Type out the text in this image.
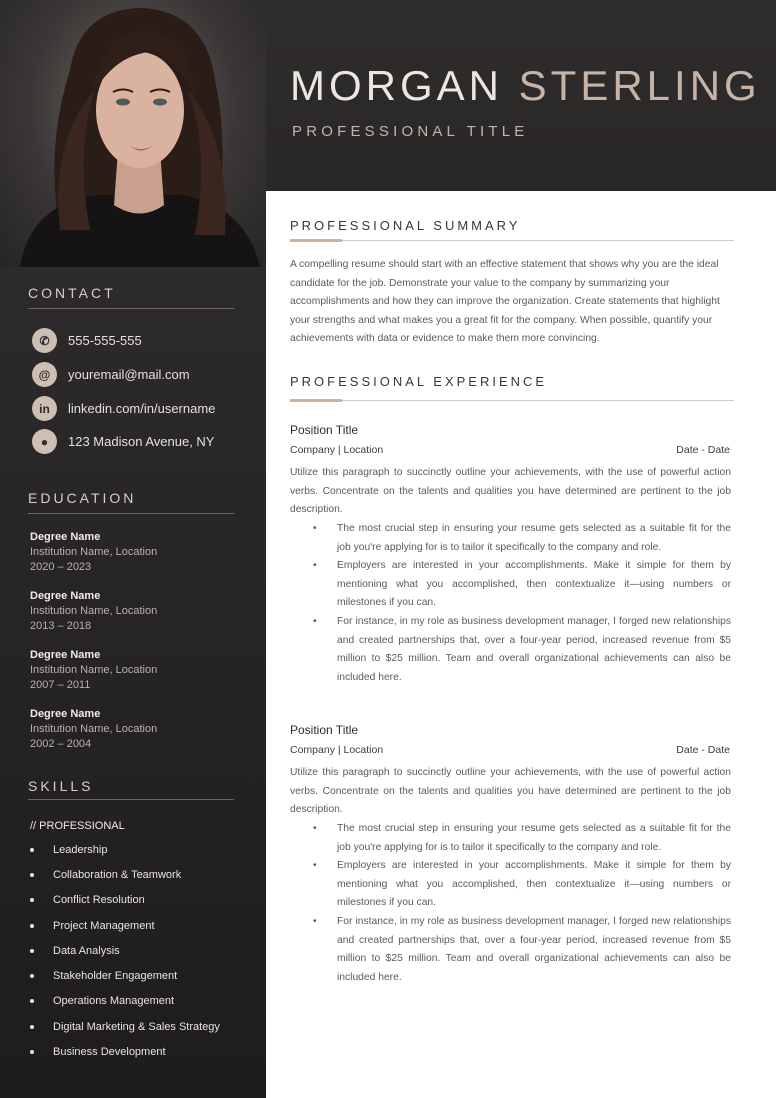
MORGAN STERLING
PROFESSIONAL TITLE
CONTACT
✆	555-555-555
@	youremail@mail.com
in	linkedin.com/in/username
●	123 Madison Avenue, NY
EDUCATION
Degree Name
Institution Name, Location
2020 – 2023
Degree Name
Institution Name, Location
2013 – 2018
Degree Name
Institution Name, Location
2007 – 2011
Degree Name
Institution Name, Location
2002 – 2004
SKILLS
// PROFESSIONAL
Leadership
Collaboration & Teamwork
Conflict Resolution
Project Management
Data Analysis
Stakeholder Engagement
Operations Management
Digital Marketing & Sales Strategy
Business Development
PROFESSIONAL SUMMARY
A compelling resume should start with an effective statement that shows why you are the ideal candidate for the job. Demonstrate your value to the company by summarizing your accomplishments and how they can improve the organization. Create statements that highlight your strengths and what makes you a great fit for the company. When possible, quantify your achievements with data or evidence to make them more convincing.
PROFESSIONAL EXPERIENCE
Position Title
Company | Location	Date - Date
Utilize this paragraph to succinctly outline your achievements, with the use of powerful action verbs. Concentrate on the talents and qualities you have determined are pertinent to the job description.
•	The most crucial step in ensuring your resume gets selected as a suitable fit for the job you're applying for is to tailor it specifically to the company and role.
•	Employers are interested in your accomplishments. Make it simple for them by mentioning what you accomplished, then contextualize it—using numbers or milestones if you can.
•	For instance, in my role as business development manager, I forged new relationships and created partnerships that, over a four-year period, increased revenue from $5 million to $25 million. Team and overall organizational achievements can also be included here.
Position Title
Company | Location	Date - Date
Utilize this paragraph to succinctly outline your achievements, with the use of powerful action verbs. Concentrate on the talents and qualities you have determined are pertinent to the job description.
•	The most crucial step in ensuring your resume gets selected as a suitable fit for the job you're applying for is to tailor it specifically to the company and role.
•	Employers are interested in your accomplishments. Make it simple for them by mentioning what you accomplished, then contextualize it—using numbers or milestones if you can.
•	For instance, in my role as business development manager, I forged new relationships and created partnerships that, over a four-year period, increased revenue from $5 million to $25 million. Team and overall organizational achievements can also be included here.
